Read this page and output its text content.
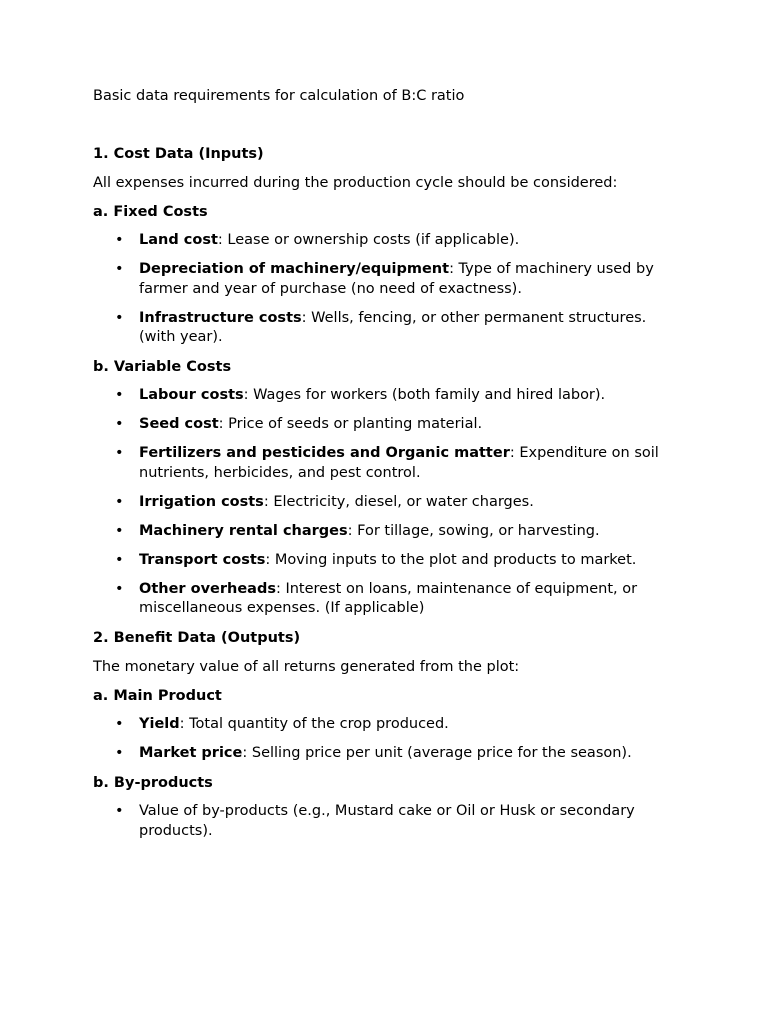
Basic data requirements for calculation of B:C ratio
1. Cost Data (Inputs)
All expenses incurred during the production cycle should be considered:
a. Fixed Costs
• Land cost: Lease or ownership costs (if applicable).
• Depreciation of machinery/equipment: Type of machinery used by farmer and year of purchase (no need of exactness).
• Infrastructure costs: Wells, fencing, or other permanent structures. (with year).
b. Variable Costs
• Labour costs: Wages for workers (both family and hired labor).
• Seed cost: Price of seeds or planting material.
• Fertilizers and pesticides and Organic matter: Expenditure on soil nutrients, herbicides, and pest control.
• Irrigation costs: Electricity, diesel, or water charges.
• Machinery rental charges: For tillage, sowing, or harvesting.
• Transport costs: Moving inputs to the plot and products to market.
• Other overheads: Interest on loans, maintenance of equipment, or miscellaneous expenses. (If applicable)
2. Benefit Data (Outputs)
The monetary value of all returns generated from the plot:
a. Main Product
• Yield: Total quantity of the crop produced.
• Market price: Selling price per unit (average price for the season).
b. By-products
• Value of by-products (e.g., Mustard cake or Oil or Husk or secondary products).
